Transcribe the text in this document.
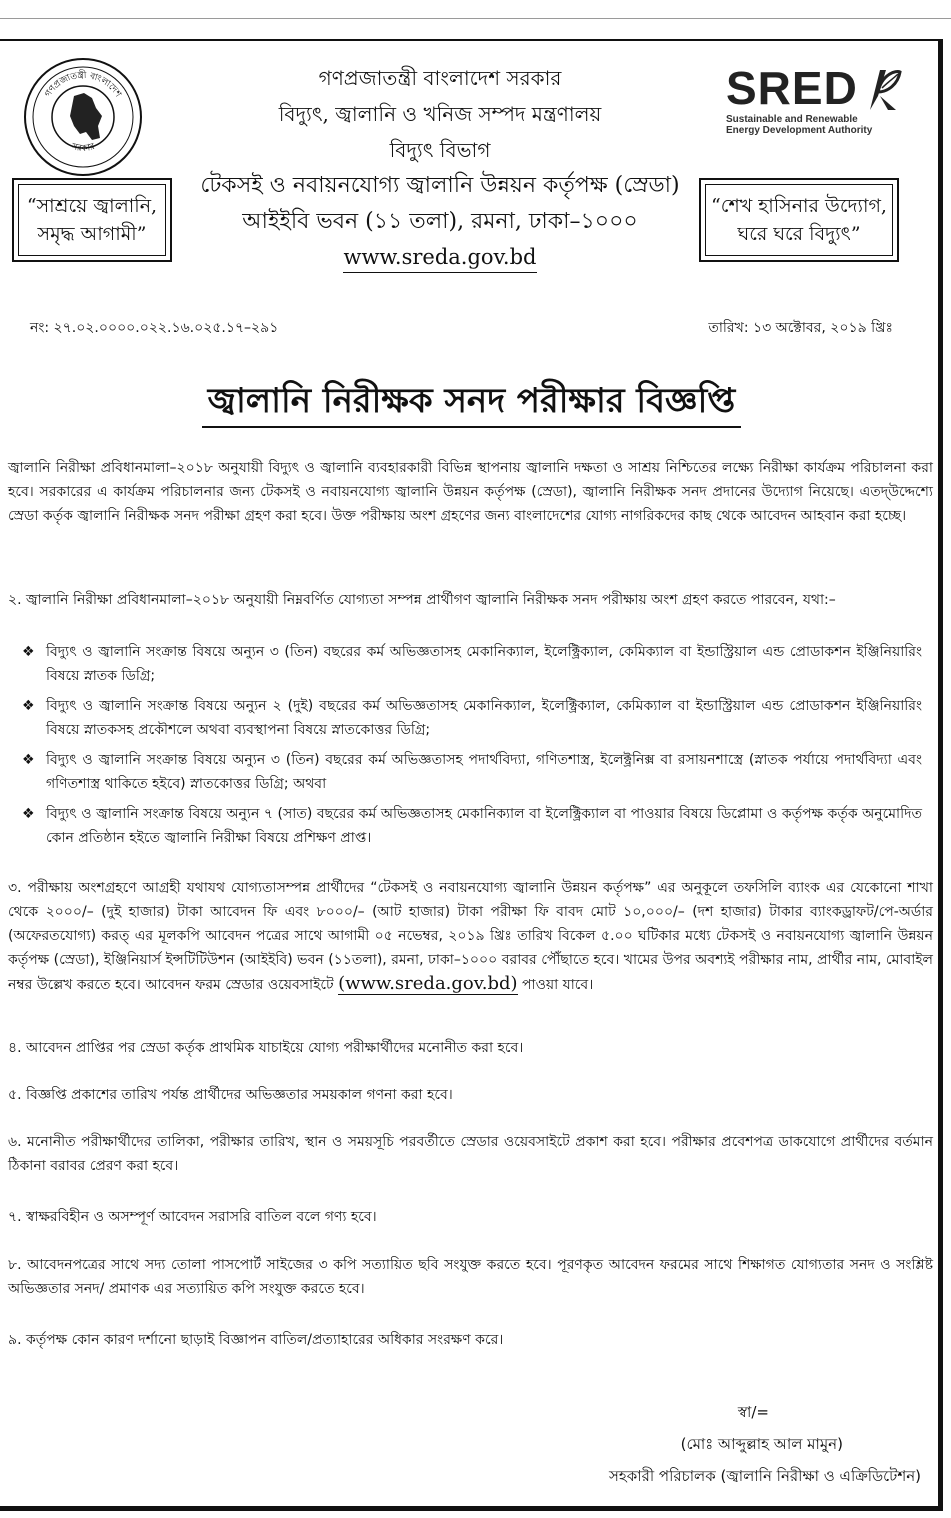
গণপ্রজাতন্ত্রী বাংলাদেশ
সরকার
“সাশ্রয়ে জ্বালানি,
সমৃদ্ধ আগামী”
গণপ্রজাতন্ত্রী বাংলাদেশ সরকার
বিদ্যুৎ, জ্বালানি ও খনিজ সম্পদ মন্ত্রণালয়
বিদ্যুৎ বিভাগ
টেকসই ও নবায়নযোগ্য জ্বালানি উন্নয়ন কর্তৃপক্ষ (স্রেডা)
আইইবি ভবন (১১ তলা), রমনা, ঢাকা–১০০০
www.sreda.gov.bd
SRED
Sustainable and Renewable
Energy Development Authority
“শেখ হাসিনার উদ্যোগ,
ঘরে ঘরে বিদ্যুৎ”
নং: ২৭.০২.০০০০.০২২.১৬.০২৫.১৭–২৯১	তারিখ: ১৩ অক্টোবর, ২০১৯ খ্রিঃ
জ্বালানি নিরীক্ষক সনদ পরীক্ষার বিজ্ঞপ্তি

জ্বালানি নিরীক্ষা প্রবিধানমালা–২০১৮ অনুযায়ী বিদ্যুৎ ও জ্বালানি ব্যবহারকারী বিভিন্ন স্থাপনায় জ্বালানি দক্ষতা ও সাশ্রয় নিশ্চিতের লক্ষ্যে নিরীক্ষা কার্যক্রম পরিচালনা করা হবে। সরকারের এ কার্যক্রম পরিচালনার জন্য টেকসই ও নবায়নযোগ্য জ্বালানি উন্নয়ন কর্তৃপক্ষ (স্রেডা), জ্বালানি নিরীক্ষক সনদ প্রদানের উদ্যোগ নিয়েছে। এতদ্‌উদ্দেশ্যে স্রেডা কর্তৃক জ্বালানি নিরীক্ষক সনদ পরীক্ষা গ্রহণ করা হবে। উক্ত পরীক্ষায় অংশ গ্রহণের জন্য বাংলাদেশের যোগ্য নাগরিকদের কাছ থেকে আবেদন আহবান করা হচ্ছে।

২. জ্বালানি নিরীক্ষা প্রবিধানমালা–২০১৮ অনুযায়ী নিম্নবর্ণিত যোগ্যতা সম্পন্ন প্রার্থীগণ জ্বালানি নিরীক্ষক সনদ পরীক্ষায় অংশ গ্রহণ করতে পারবেন, যথা:–

❖ বিদ্যুৎ ও জ্বালানি সংক্রান্ত বিষয়ে অন্যুন ৩ (তিন) বছরের কর্ম অভিজ্ঞতাসহ মেকানিক্যাল, ইলেক্ট্রিক্যাল, কেমিক্যাল বা ইন্ডাস্ট্রিয়াল এন্ড প্রোডাকশন ইঞ্জিনিয়ারিং বিষয়ে স্নাতক ডিগ্রি;
❖ বিদ্যুৎ ও জ্বালানি সংক্রান্ত বিষয়ে অন্যুন ২ (দুই) বছরের কর্ম অভিজ্ঞতাসহ মেকানিক্যাল, ইলেক্ট্রিক্যাল, কেমিক্যাল বা ইন্ডাস্ট্রিয়াল এন্ড প্রোডাকশন ইঞ্জিনিয়ারিং বিষয়ে স্নাতকসহ প্রকৌশলে অথবা ব্যবস্থাপনা বিষয়ে স্নাতকোত্তর ডিগ্রি;
❖ বিদ্যুৎ ও জ্বালানি সংক্রান্ত বিষয়ে অন্যুন ৩ (তিন) বছরের কর্ম অভিজ্ঞতাসহ পদার্থবিদ্যা, গণিতশাস্ত্র, ইলেক্ট্রনিক্স বা রসায়নশাস্ত্রে (স্নাতক পর্যায়ে পদার্থবিদ্যা এবং গণিতশাস্ত্র থাকিতে হইবে) স্নাতকোত্তর ডিগ্রি; অথবা
❖ বিদ্যুৎ ও জ্বালানি সংক্রান্ত বিষয়ে অন্যুন ৭ (সাত) বছরের কর্ম অভিজ্ঞতাসহ মেকানিক্যাল বা ইলেক্ট্রিক্যাল বা পাওয়ার বিষয়ে ডিপ্লোমা ও কর্তৃপক্ষ কর্তৃক অনুমোদিত কোন প্রতিষ্ঠান হইতে জ্বালানি নিরীক্ষা বিষয়ে প্রশিক্ষণ প্রাপ্ত।

৩. পরীক্ষায় অংশগ্রহণে আগ্রহী যথাযথ যোগ্যতাসম্পন্ন প্রার্থীদের “টেকসই ও নবায়নযোগ্য জ্বালানি উন্নয়ন কর্তৃপক্ষ” এর অনুকূলে তফসিলি ব্যাংক এর যেকোনো শাখা থেকে ২০০০/– (দুই হাজার) টাকা আবেদন ফি এবং ৮০০০/– (আট হাজার) টাকা পরীক্ষা ফি বাবদ মোট ১০,০০০/– (দশ হাজার) টাকার ব্যাংকড্রাফট/পে-অর্ডার (অফেরতযোগ্য) করত্‌ এর মূলকপি আবেদন পত্রের সাথে আগামী ০৫ নভেম্বর, ২০১৯ খ্রিঃ তারিখ বিকেল ৫.০০ ঘটিকার মধ্যে টেকসই ও নবায়নযোগ্য জ্বালানি উন্নয়ন কর্তৃপক্ষ (স্রেডা), ইঞ্জিনিয়ার্স ইন্সটিটিউশন (আইইবি) ভবন (১১তলা), রমনা, ঢাকা–১০০০ বরাবর পৌঁছাতে হবে। খামের উপর অবশ্যই পরীক্ষার নাম, প্রার্থীর নাম, মোবাইল নম্বর উল্লেখ করতে হবে। আবেদন ফরম স্রেডার ওয়েবসাইটে (www.sreda.gov.bd) পাওয়া যাবে।

৪. আবেদন প্রাপ্তির পর স্রেডা কর্তৃক প্রাথমিক যাচাইয়ে যোগ্য পরীক্ষার্থীদের মনোনীত করা হবে।

৫. বিজ্ঞপ্তি প্রকাশের তারিখ পর্যন্ত প্রার্থীদের অভিজ্ঞতার সময়কাল গণনা করা হবে।

৬. মনোনীত পরীক্ষার্থীদের তালিকা, পরীক্ষার তারিখ, স্থান ও সময়সূচি পরবর্তীতে স্রেডার ওয়েবসাইটে প্রকাশ করা হবে। পরীক্ষার প্রবেশপত্র ডাকযোগে প্রার্থীদের বর্তমান ঠিকানা বরাবর প্রেরণ করা হবে।

৭. স্বাক্ষরবিহীন ও অসম্পূর্ণ আবেদন সরাসরি বাতিল বলে গণ্য হবে।

৮. আবেদনপত্রের সাথে সদ্য তোলা পাসপোর্ট সাইজের ৩ কপি সত্যায়িত ছবি সংযুক্ত করতে হবে। পূরণকৃত আবেদন ফরমের সাথে শিক্ষাগত যোগ্যতার সনদ ও সংশ্লিষ্ট অভিজ্ঞতার সনদ/ প্রমাণক এর সত্যায়িত কপি সংযুক্ত করতে হবে।

৯. কর্তৃপক্ষ কোন কারণ দর্শানো ছাড়াই বিজ্ঞাপন বাতিল/প্রত্যাহারের অধিকার সংরক্ষণ করে।

স্বা/=
(মোঃ আব্দুল্লাহ আল মামুন)
সহকারী পরিচালক (জ্বালানি নিরীক্ষা ও এক্রিডিটেশন)
